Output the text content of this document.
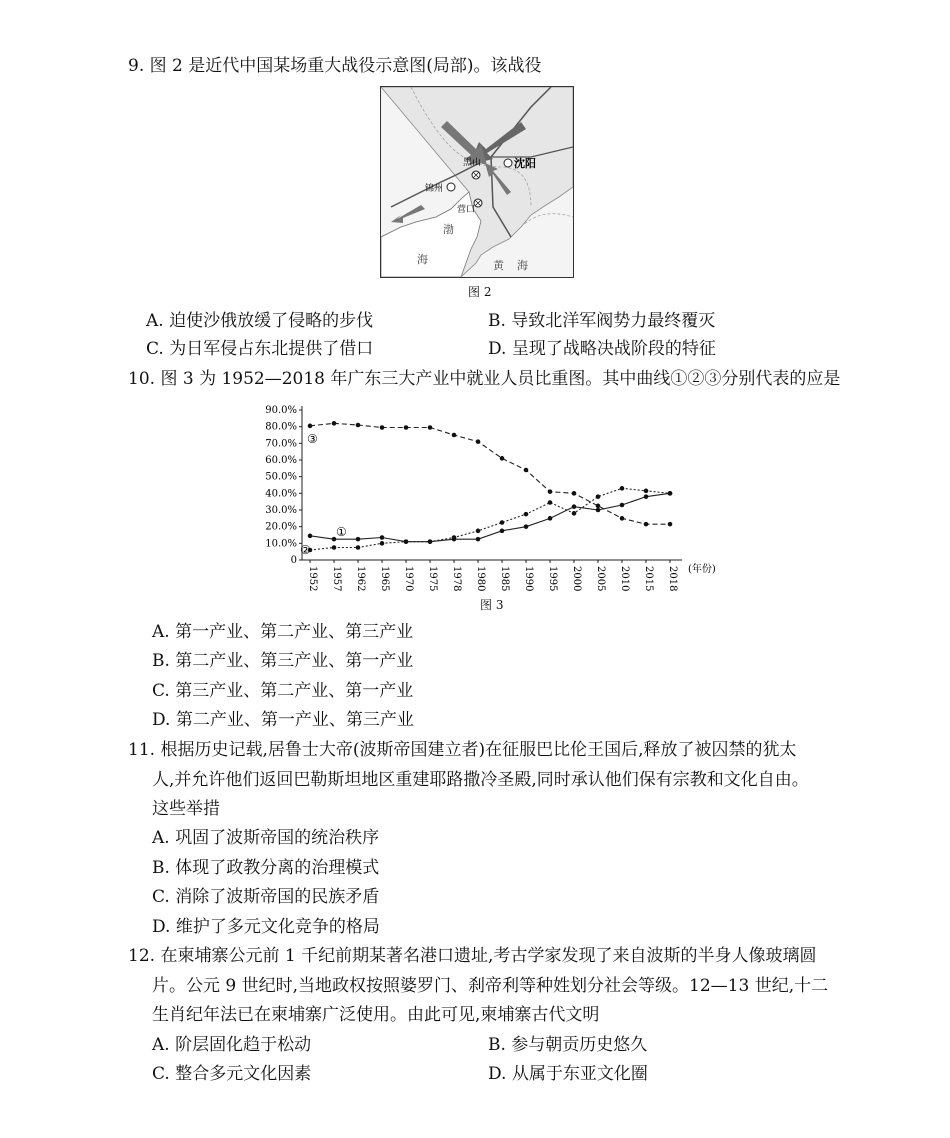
9. 图 2 是近代中国某场重大战役示意图(局部)。该战役
沈阳
黑山
锦州
营口
渤
海	黄 海
图 2
A. 迫使沙俄放缓了侵略的步伐	B. 导致北洋军阀势力最终覆灭
C. 为日军侵占东北提供了借口	D. 呈现了战略决战阶段的特征
10. 图 3 为 1952—2018 年广东三大产业中就业人员比重图。其中曲线①②③分别代表的应是
0
10.0%
20.0%
30.0%
40.0%
50.0%
60.0%
70.0%
80.0%
90.0%
1952 1957 1962 1965 1970 1975 1978 1980 1985 1990 1995 2000 2005 2010 2015 2018 (年份)
①
②
③
图 3
A. 第一产业、第二产业、第三产业
B. 第二产业、第三产业、第一产业
C. 第三产业、第二产业、第一产业
D. 第二产业、第一产业、第三产业
11. 根据历史记载,居鲁士大帝(波斯帝国建立者)在征服巴比伦王国后,释放了被囚禁的犹太
人,并允许他们返回巴勒斯坦地区重建耶路撒冷圣殿,同时承认他们保有宗教和文化自由。
这些举措
A. 巩固了波斯帝国的统治秩序
B. 体现了政教分离的治理模式
C. 消除了波斯帝国的民族矛盾
D. 维护了多元文化竞争的格局
12. 在柬埔寨公元前 1 千纪前期某著名港口遗址,考古学家发现了来自波斯的半身人像玻璃圆
片。公元 9 世纪时,当地政权按照婆罗门、刹帝利等种姓划分社会等级。12—13 世纪,十二
生肖纪年法已在柬埔寨广泛使用。由此可见,柬埔寨古代文明
A. 阶层固化趋于松动	B. 参与朝贡历史悠久
C. 整合多元文化因素	D. 从属于东亚文化圈
